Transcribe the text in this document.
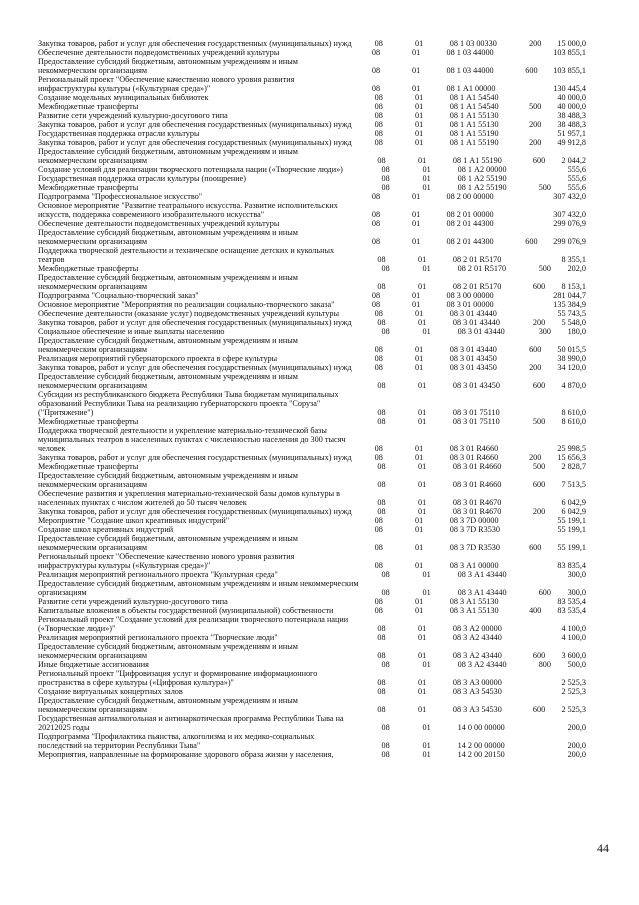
Закупка товаров, работ и услуг для обеспечения государственных (муниципальных) нужд	08	01	08 1 03 00330	200	15 000,0
Обеспечение деятельности подведомственных учреждений культуры	08	01	08 1 03 44000	103 855,1
Предоставление субсидий бюджетным, автономным учреждениям и иным некоммерческим организациям	08	01	08 1 03 44000	600	103 855,1
Региональный проект "Обеспечение качественно нового уровня развития инфраструктуры культуры («Культурная среда»)"	08	01	08 1 А1 00000	130 445,4
Создание модельных муниципальных библиотек	08	01	08 1 А1 54540	40 000,0
Межбюджетные трансферты	08	01	08 1 А1 54540	500	40 000,0
Развитие сети учреждений культурно-досугового типа	08	01	08 1 А1 55130	38 488,3
Закупка товаров, работ и услуг для обеспечения государственных (муниципальных) нужд	08	01	08 1 А1 55130	200	38 488,3
Государственная поддержка отрасли культуры	08	01	08 1 А1 55190	51 957,1
Закупка товаров, работ и услуг для обеспечения государственных (муниципальных) нужд	08	01	08 1 А1 55190	200	49 912,8
Предоставление субсидий бюджетным, автономным учреждениям и иным некоммерческим организациям	08	01	08 1 А1 55190	600	2 044,2
Создание условий для реализации творческого потенциала нации («Творческие люди»)	08	01	08 1 А2 00000	555,6
Государственная поддержка отрасли культуры (поощрение)	08	01	08 1 А2 55190	555,6
Межбюджетные трансферты	08	01	08 1 А2 55190	500	555,6
Подпрограмма "Профессиональное искусство"	08	01	08 2 00 00000	307 432,0
Основное мероприятие "Развитие театрального искусства. Развитие исполнительских искусств, поддержка современного изобразительного искусства"	08	01	08 2 01 00000	307 432,0
Обеспечение деятельности подведомственных учреждений культуры	08	01	08 2 01 44300	299 076,9
Предоставление субсидий бюджетным, автономным учреждениям и иным некоммерческим организациям	08	01	08 2 01 44300	600	299 076,9
Поддержка творческой деятельности и техническое оснащение детских и кукольных театров	08	01	08 2 01 R5170	8 355,1
Межбюджетные трансферты	08	01	08 2 01 R5170	500	202,0
Предоставление субсидий бюджетным, автономным учреждениям и иным некоммерческим организациям	08	01	08 2 01 R5170	600	8 153,1
Подпрограмма "Социально-творческий заказ"	08	01	08 3 00 00000	281 044,7
Основное мероприятие "Мероприятия по реализации социально-творческого заказа"	08	01	08 3 01 00000	135 384,9
Обеспечение деятельности (оказание услуг) подведомственных учреждений культуры	08	01	08 3 01 43440	55 743,5
Закупка товаров, работ и услуг для обеспечения государственных (муниципальных) нужд	08	01	08 3 01 43440	200	5 548,0
Социальное обеспечение и иные выплаты населению	08	01	08 3 01 43440	300	180,0
Предоставление субсидий бюджетным, автономным учреждениям и иным некоммерческим организациям	08	01	08 3 01 43440	600	50 015,5
Реализация мероприятий губернаторского проекта в сфере культуры	08	01	08 3 01 43450	38 990,0
Закупка товаров, работ и услуг для обеспечения государственных (муниципальных) нужд	08	01	08 3 01 43450	200	34 120,0
Предоставление субсидий бюджетным, автономным учреждениям и иным некоммерческим организациям	08	01	08 3 01 43450	600	4 870,0
Субсидии из республиканского бюджета Республики Тыва бюджетам муниципальных образований Республики Тыва на реализацию губернаторского проекта "Соруза" ("Притяжение")	08	01	08 3 01 75110	8 610,0
Межбюджетные трансферты	08	01	08 3 01 75110	500	8 610,0
Поддержка творческой деятельности и укрепление материально-технической базы муниципальных театров в населенных пунктах с численностью населения до 300 тысяч человек	08	01	08 3 01 R4660	25 998,5
Закупка товаров, работ и услуг для обеспечения государственных (муниципальных) нужд	08	01	08 3 01 R4660	200	15 656,3
Межбюджетные трансферты	08	01	08 3 01 R4660	500	2 828,7
Предоставление субсидий бюджетным, автономным учреждениям и иным некоммерческим организациям	08	01	08 3 01 R4660	600	7 513,5
Обеспечение развития и укрепления материально-технической базы домов культуры в населенных пунктах с числом жителей до 50 тысяч человек	08	01	08 3 01 R4670	6 042,9
Закупка товаров, работ и услуг для обеспечения государственных (муниципальных) нужд	08	01	08 3 01 R4670	200	6 042,9
Мероприятие "Создание школ креативных индустрий"	08	01	08 3 7D 00000	55 199,1
Создание школ креативных индустрий	08	01	08 3 7D R3530	55 199,1
Предоставление субсидий бюджетным, автономным учреждениям и иным некоммерческим организациям	08	01	08 3 7D R3530	600	55 199,1
Региональный проект "Обеспечение качественно нового уровня развития инфраструктуры культуры («Культурная среда»)"	08	01	08 3 А1 00000	83 835,4
Реализация мероприятий регионального проекта "Культурная среда"	08	01	08 3 А1 43440	300,0
Предоставление субсидий бюджетным, автономным учреждениям и иным некоммерческим организациям	08	01	08 3 А1 43440	600	300,0
Развитие сети учреждений культурно-досугового типа	08	01	08 3 А1 55130	83 535,4
Капитальные вложения в объекты государственной (муниципальной) собственности	08	01	08 3 А1 55130	400	83 535,4
Региональный проект "Создание условий для реализации творческого потенциала нации («Творческие люди»)"	08	01	08 3 А2 00000	4 100,0
Реализация мероприятий регионального проекта "Творческие люди"	08	01	08 3 А2 43440	4 100,0
Предоставление субсидий бюджетным, автономным учреждениям и иным некоммерческим организациям	08	01	08 3 А2 43440	600	3 600,0
Иные бюджетные ассигнования	08	01	08 3 А2 43440	800	500,0
Региональный проект "Цифровизация услуг и формирование информационного пространства в сфере культуры («Цифровая культура»)"	08	01	08 3 А3 00000	2 525,3
Создание виртуальных концертных залов	08	01	08 3 А3 54530	2 525,3
Предоставление субсидий бюджетным, автономным учреждениям и иным некоммерческим организациям	08	01	08 3 А3 54530	600	2 525,3
Государственная антиалкогольная и антинаркотическая программа Республики Тыва на 20212025 годы	08	01	14 0 00 00000	200,0
Подпрограмма "Профилактика пьянства, алкоголизма и их медико-социальных последствий на территории Республики Тыва"	08	01	14 2 00 00000	200,0
Мероприятия, направленные на формирование здорового образа жизни у населения,	08	01	14 2 00 20150	200,0
44
